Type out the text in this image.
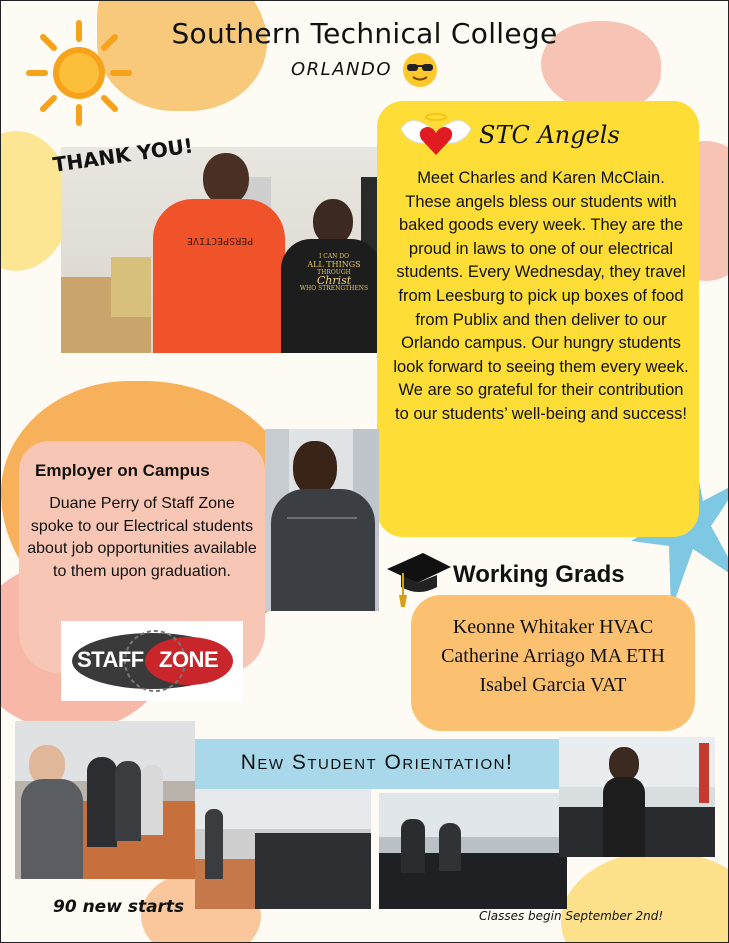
Southern Technical College
ORLANDO
PERSPECTIVE
I CAN DO
ALL THINGS
THROUGH
Christ
WHO STRENGTHENS
THANK YOU!	STC Angels
Meet Charles and Karen McClain. These angels bless our students with baked goods every week. They are the proud in laws to one of our electrical students. Every Wednesday, they travel from Leesburg to pick up boxes of food from Publix and then deliver to our Orlando campus. Our hungry students look forward to seeing them every week. We are so grateful for their contribution to our students’ well-being and success!
Employer on Campus
Duane Perry of Staff Zone spoke to our Electrical students about job opportunities available to them upon graduation.
STAFF ZONE
Working Grads
Keonne Whitaker HVAC
Catherine Arriago MA ETH
Isabel Garcia VAT
New Student Orientation!
90 new starts	Classes begin September 2nd!
